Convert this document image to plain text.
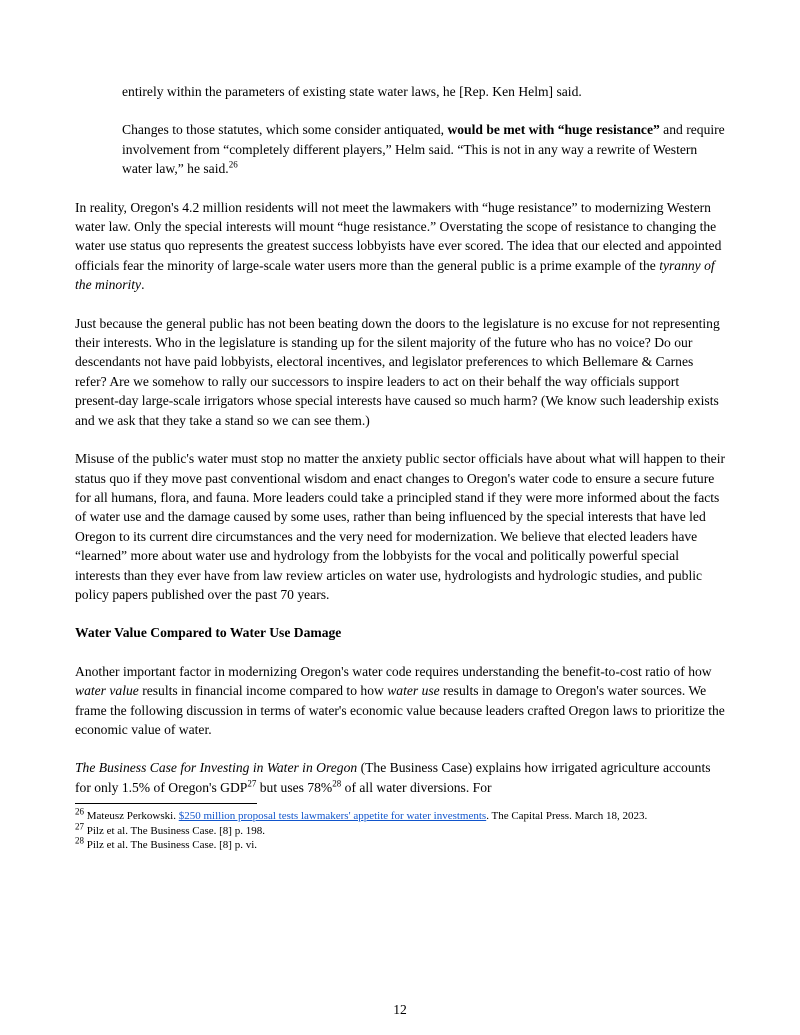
entirely within the parameters of existing state water laws, he [Rep. Ken Helm] said.

Changes to those statutes, which some consider antiquated, would be met with “huge resistance” and require involvement from “completely different players,” Helm said. “This is not in any way a rewrite of Western water law,” he said.$^{26}$

In reality, Oregon's 4.2 million residents will not meet the lawmakers with “huge resistance” to modernizing Western water law. Only the special interests will mount “huge resistance.” Overstating the scope of resistance to changing the water use status quo represents the greatest success lobbyists have ever scored. The idea that our elected and appointed officials fear the minority of large-scale water users more than the general public is a prime example of the tyranny of the minority.

Just because the general public has not been beating down the doors to the legislature is no excuse for not representing their interests. Who in the legislature is standing up for the silent majority of the future who has no voice? Do our descendants not have paid lobbyists, electoral incentives, and legislator preferences to which Bellemare & Carnes refer? Are we somehow to rally our successors to inspire leaders to act on their behalf the way officials support present-day large-scale irrigators whose special interests have caused so much harm? (We know such leadership exists and we ask that they take a stand so we can see them.)

Misuse of the public's water must stop no matter the anxiety public sector officials have about what will happen to their status quo if they move past conventional wisdom and enact changes to Oregon's water code to ensure a secure future for all humans, flora, and fauna. More leaders could take a principled stand if they were more informed about the facts of water use and the damage caused by some uses, rather than being influenced by the special interests that have led Oregon to its current dire circumstances and the very need for modernization. We believe that elected leaders have “learned” more about water use and hydrology from the lobbyists for the vocal and politically powerful special interests than they ever have from law review articles on water use, hydrologists and hydrologic studies, and public policy papers published over the past 70 years.

Water Value Compared to Water Use Damage

Another important factor in modernizing Oregon's water code requires understanding the benefit-to-cost ratio of how water value results in financial income compared to how water use results in damage to Oregon's water sources. We frame the following discussion in terms of water's economic value because leaders crafted Oregon laws to prioritize the economic value of water.

The Business Case for Investing in Water in Oregon (The Business Case) explains how irrigated agriculture accounts for only 1.5% of Oregon's GDP$^{27}$ but uses 78%$^{28}$ of all water diversions. For

$^{26}$ Mateusz Perkowski. $250 million proposal tests lawmakers' appetite for water investments. The Capital Press. March 18, 2023.

$^{27}$ Pilz et al. The Business Case. [8] p. 198.

$^{28}$ Pilz et al. The Business Case. [8] p. vi.

12
